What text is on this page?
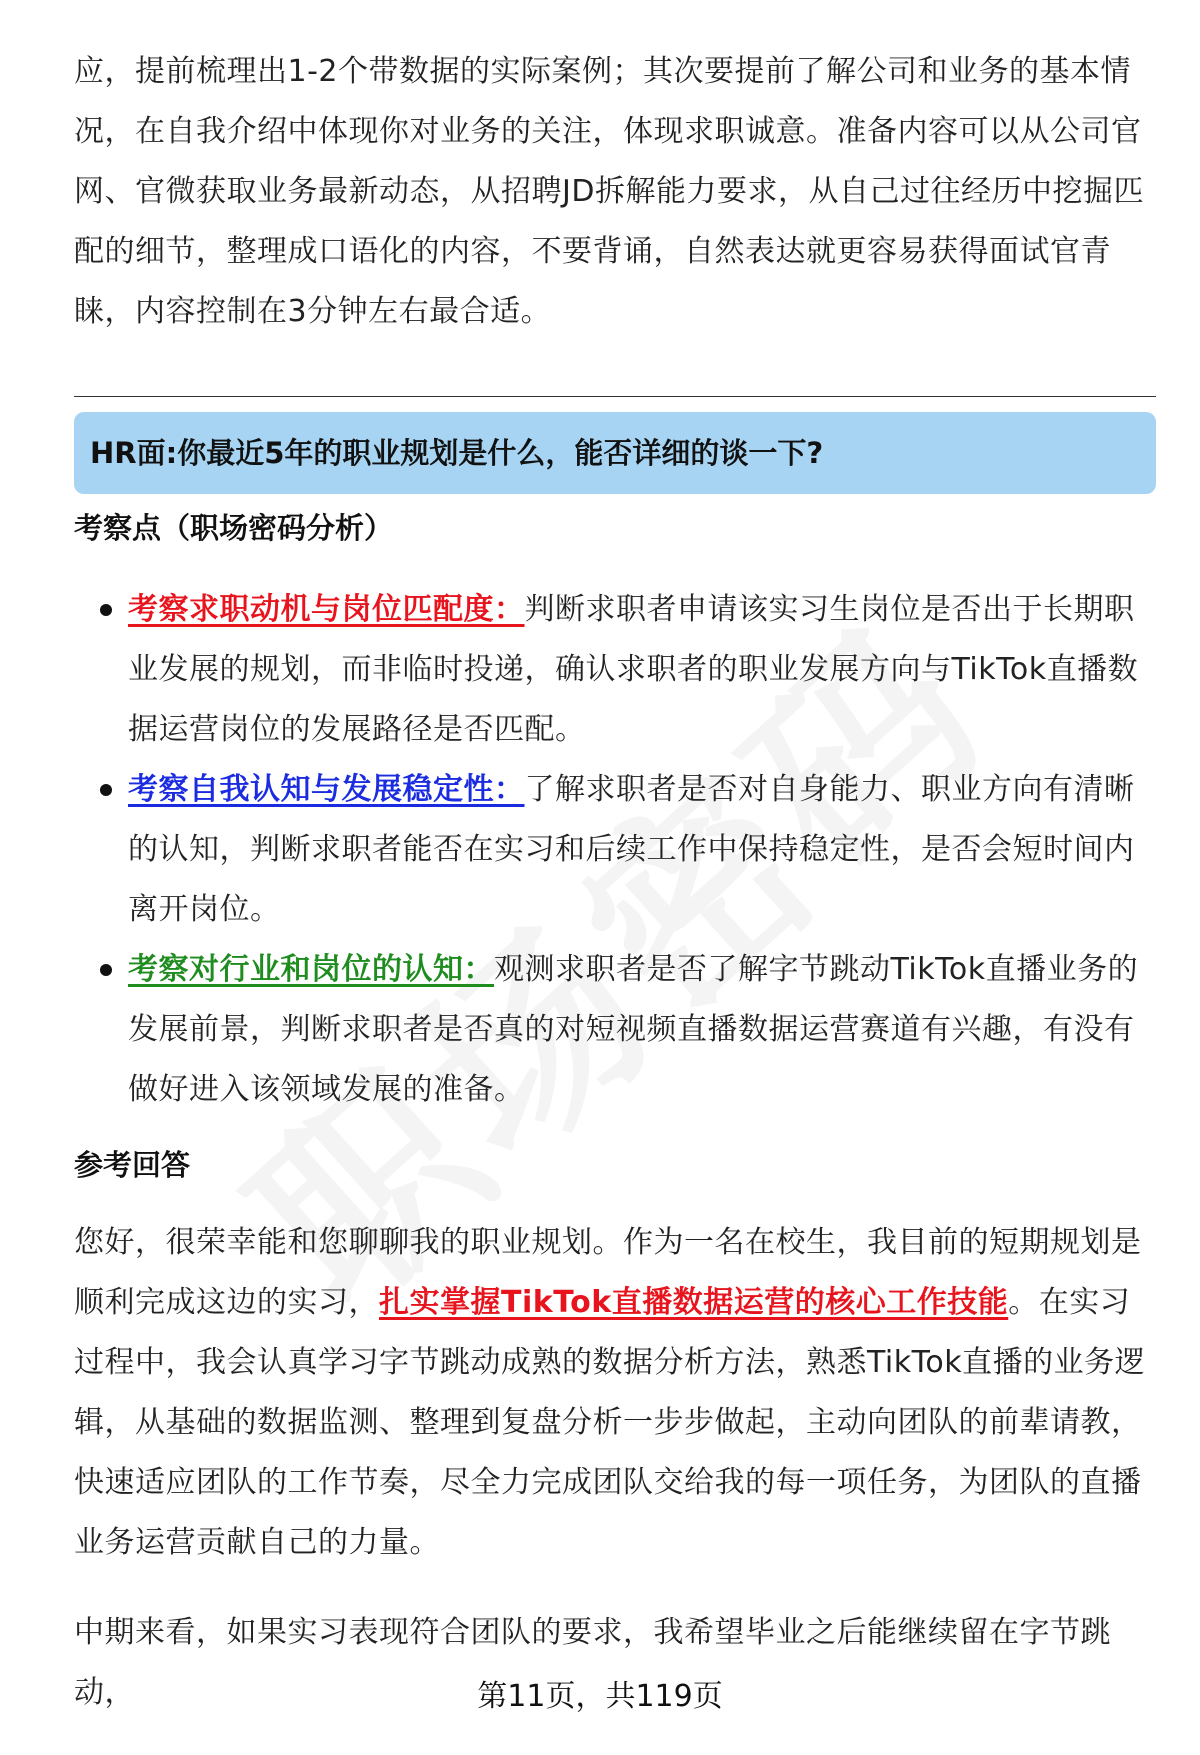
应，提前梳理出1-2个带数据的实际案例；其次要提前了解公司和业务的基本情况，在自我介绍中体现你对业务的关注，体现求职诚意。准备内容可以从公司官网、官微获取业务最新动态，从招聘JD拆解能力要求，从自己过往经历中挖掘匹配的细节，整理成口语化的内容，不要背诵，自然表达就更容易获得面试官青睐，内容控制在3分钟左右最合适。

HR面:你最近5年的职业规划是什么，能否详细的谈一下?
考察点（职场密码分析）
考察求职动机与岗位匹配度：判断求职者申请该实习生岗位是否出于长期职业发展的规划，而非临时投递，确认求职者的职业发展方向与TikTok直播数据运营岗位的发展路径是否匹配。
考察自我认知与发展稳定性：了解求职者是否对自身能力、职业方向有清晰的认知，判断求职者能否在实习和后续工作中保持稳定性，是否会短时间内离开岗位。
考察对行业和岗位的认知：观测求职者是否了解字节跳动TikTok直播业务的发展前景，判断求职者是否真的对短视频直播数据运营赛道有兴趣，有没有做好进入该领域发展的准备。
参考回答

您好，很荣幸能和您聊聊我的职业规划。作为一名在校生，我目前的短期规划是顺利完成这边的实习，扎实掌握TikTok直播数据运营的核心工作技能。在实习过程中，我会认真学习字节跳动成熟的数据分析方法，熟悉TikTok直播的业务逻辑，从基础的数据监测、整理到复盘分析一步步做起，主动向团队的前辈请教，快速适应团队的工作节奏，尽全力完成团队交给我的每一项任务，为团队的直播业务运营贡献自己的力量。

中期来看，如果实习表现符合团队的要求，我希望毕业之后能继续留在字节跳动，	第11页，共119页
